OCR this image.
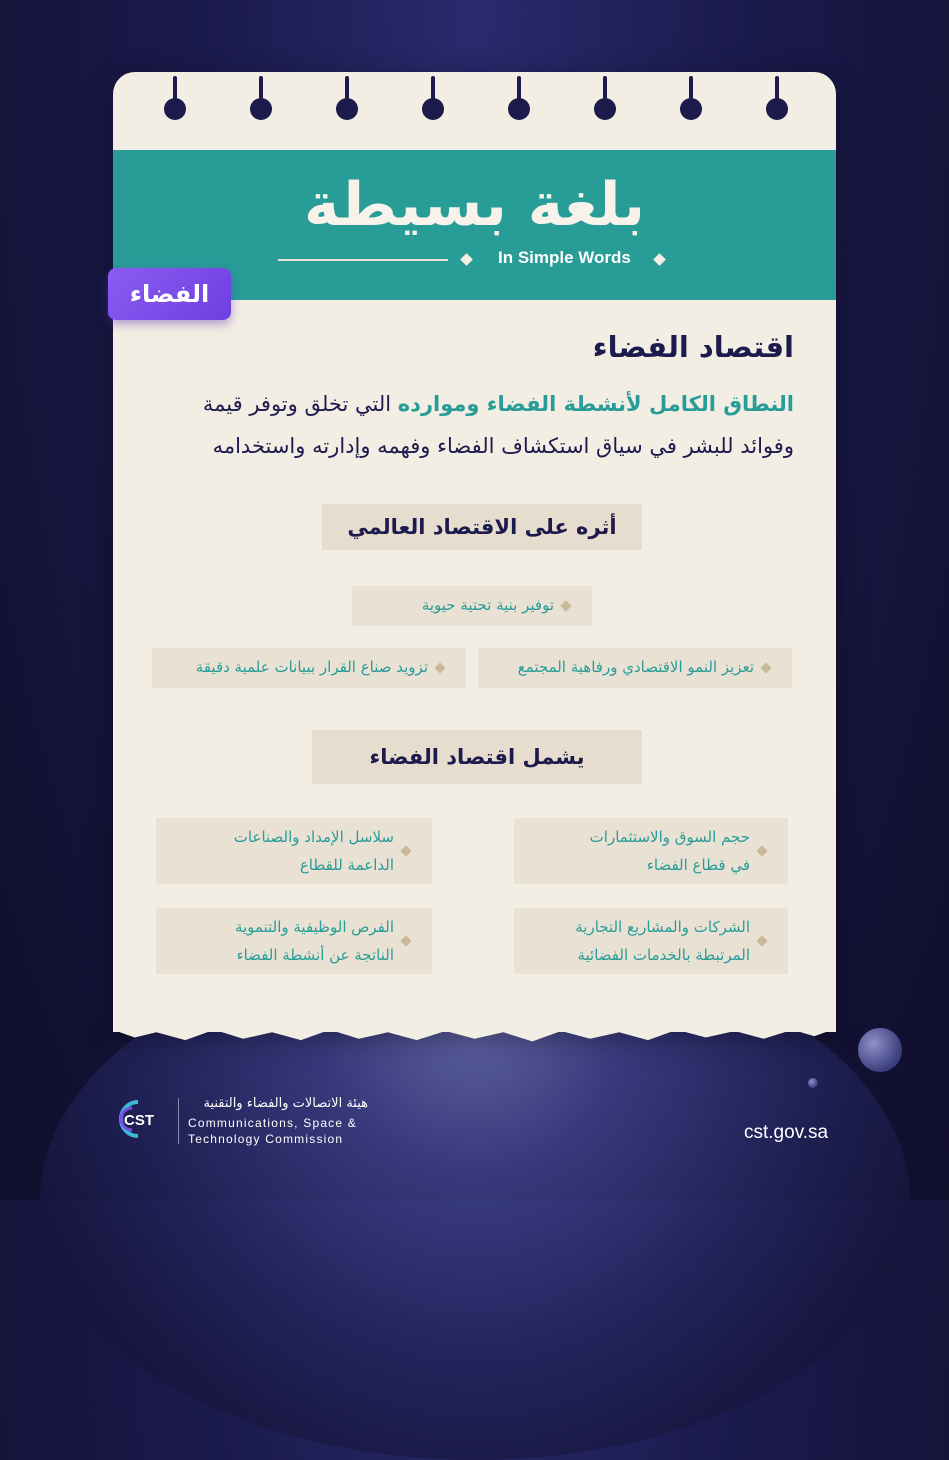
بلغة بسيطة
In Simple Words
الفضاء
اقتصاد الفضاء
النطاق الكامل لأنشطة الفضاء وموارده التي تخلق وتوفر قيمة
وفوائد للبشر في سياق استكشاف الفضاء وفهمه وإدارته واستخدامه
أثره على الاقتصاد العالمي
توفير بنية تحتية حيوية
تعزيز النمو الاقتصادي ورفاهية المجتمع
تزويد صناع القرار ببيانات علمية دقيقة
يشمل اقتصاد الفضاء
حجم السوق والاستثمارات
في قطاع الفضاء
سلاسل الإمداد والصناعات
الداعمة للقطاع
الشركات والمشاريع التجارية
المرتبطة بالخدمات الفضائية
الفرص الوظيفية والتنموية
الناتجة عن أنشطة الفضاء
CST
هيئة الاتصالات والفضاء والتقنية
Communications, Space &
Technology Commission	cst.gov.sa
